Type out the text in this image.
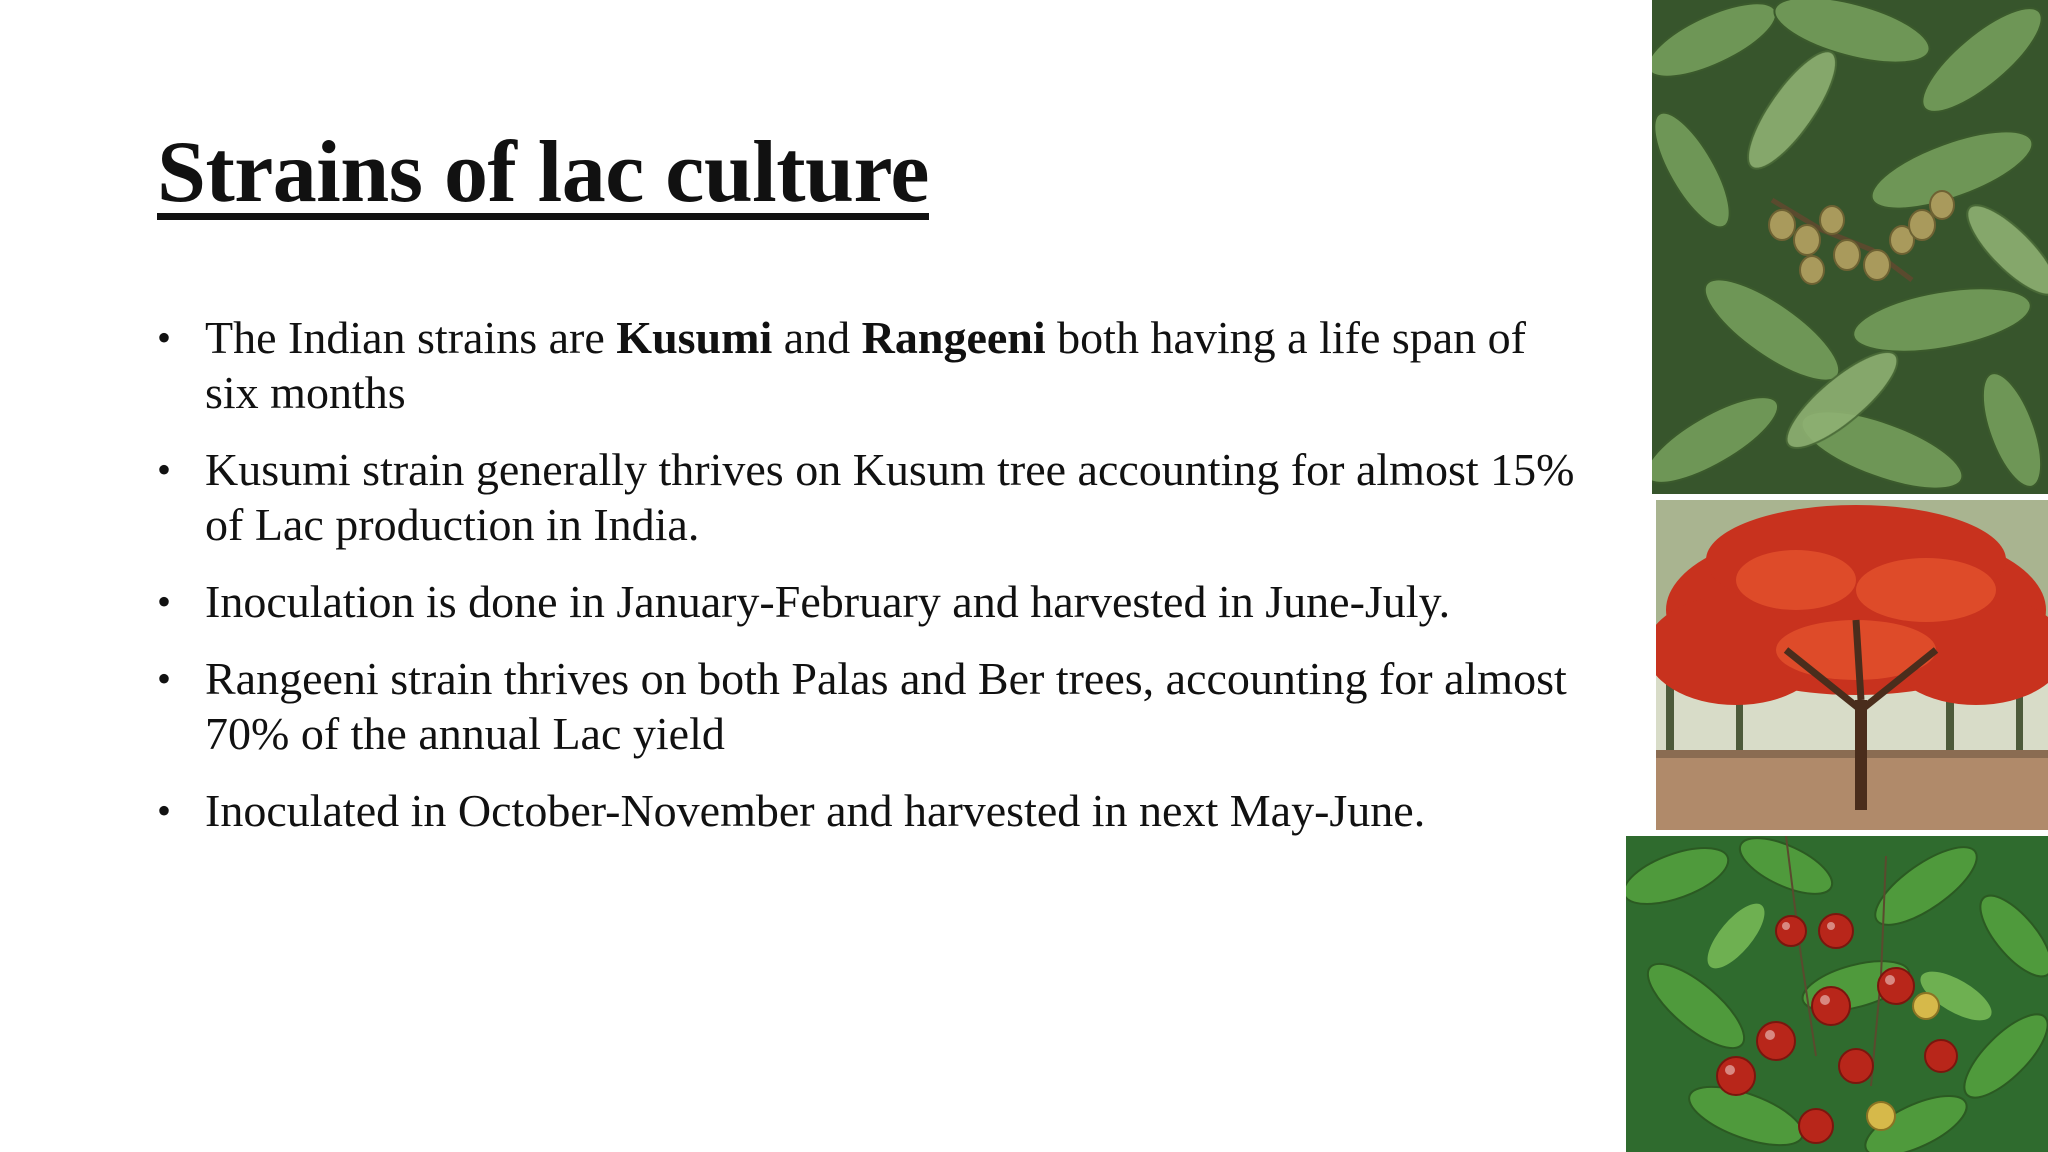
Strains of lac culture
• The Indian strains are Kusumi and Rangeeni both having a life span of six months
• Kusumi strain generally thrives on Kusum tree accounting for almost 15% of Lac production in India.
• Inoculation is done in January-February and harvested in June-July.
• Rangeeni strain thrives on both Palas and Ber trees, accounting for almost 70% of the annual Lac yield
• Inoculated in October-November and harvested in next May-June.
